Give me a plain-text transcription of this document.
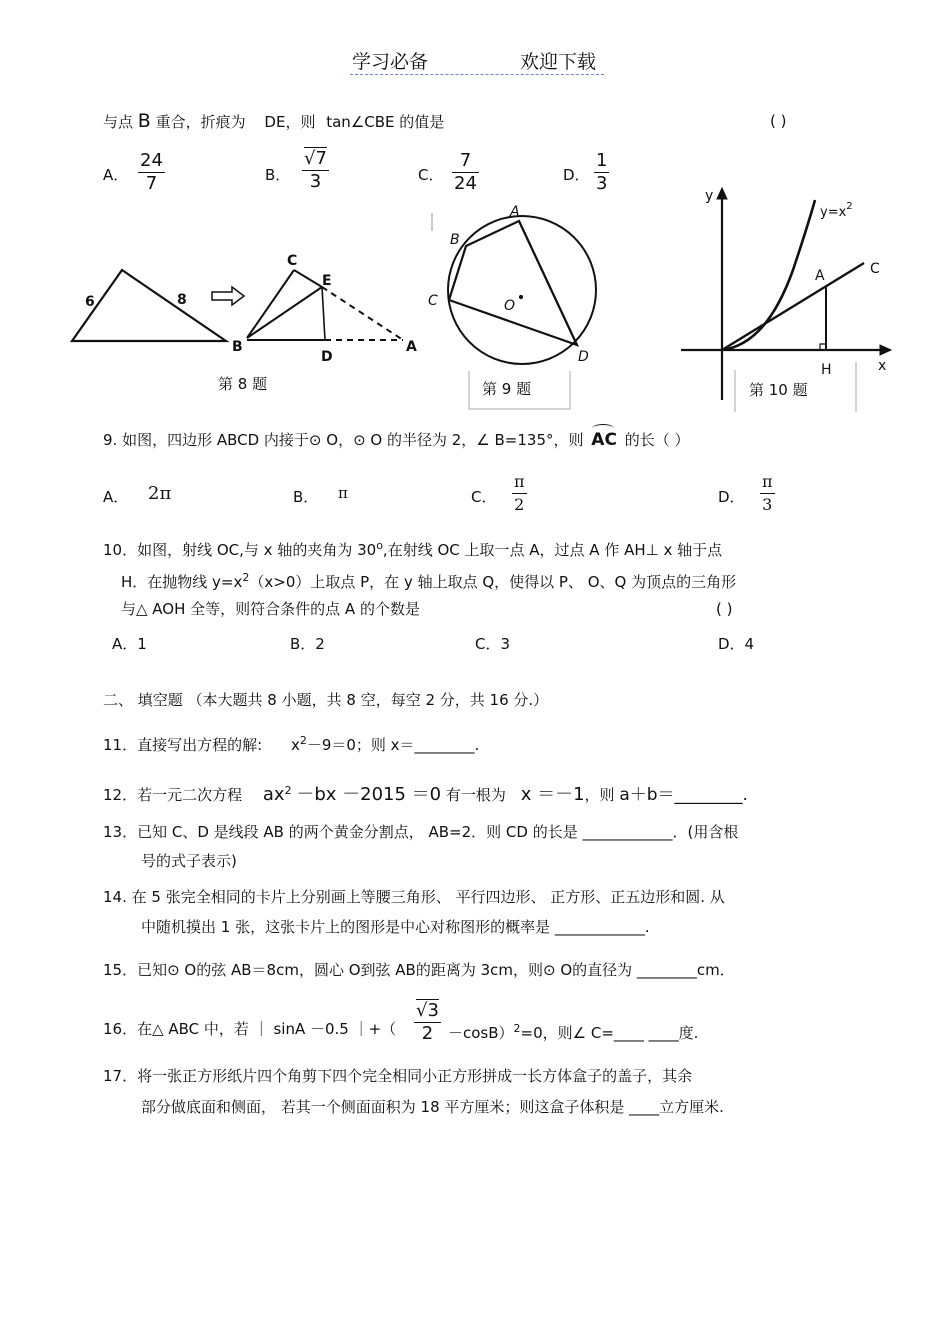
学习必备	欢迎下载
与点 B 重合，折痕为 DE，则 tan∠CBE 的值是	( )
A． $\frac{24}{7}$	B． $\frac{√7}{3}$	C． $\frac{7}{24}$	D． $\frac{1}{3}$
6	8
C
E
B
D
A
第 8 题
A
B
C
D
O
第 9 题
y
x
$y=x^2$
A	C
H
第 10 题
9. 如图，四边形 ABCD 内接于⊙ O，⊙ O 的半径为 2，∠ B=135°，则 AC 的长（ ）
A． 2π	B． π	C． $\frac{\pi}{2}$	D． $\frac{\pi}{3}$
10．如图，射线 OC,与 x 轴的夹角为 30$^o$,在射线 OC 上取一点 A，过点 A 作 AH⊥ x 轴于点
H．在抛物线 $y=x^2(x>0)$上取点 P，在 y 轴上取点 Q，使得以 P、 O、Q 为顶点的三角形
与△ AOH 全等，则符合条件的点 A 的个数是	( )
A．1	B．2	C．3	D．4
二、 填空题 （本大题共 8 小题，共 8 空，每空 2 分，共 16 分.）
11．直接写出方程的解: $x^2-9=0$；则 x＝________.
12．若一元二次方程 $ax^2 -bx -2015 =0$ 有一根为 x ＝－1，则 a＋b＝________.
13．已知 C、D 是线段 AB 的两个黄金分割点， AB=2．则 CD 的长是 ____________．(用含根
号的式子表示)
14. 在 5 张完全相同的卡片上分别画上等腰三角形、 平行四边形、 正方形、正五边形和圆. 从
中随机摸出 1 张，这张卡片上的图形是中心对称图形的概率是 ____________.
15．已知⊙ O的弦 AB＝8cm，圆心 O到弦 AB的距离为 3cm，则⊙ O的直径为 ________cm．
16．在△ ABC 中，若 ｜ sinA －0.5 ｜+（ $\frac{√3}{2} -\cos B)^2=0$，则∠ C=____ ____度.
17．将一张正方形纸片四个角剪下四个完全相同小正方形拼成一长方体盒子的盖子，其余
部分做底面和侧面， 若其一个侧面面积为 18 平方厘米；则这盒子体积是 ____立方厘米.
